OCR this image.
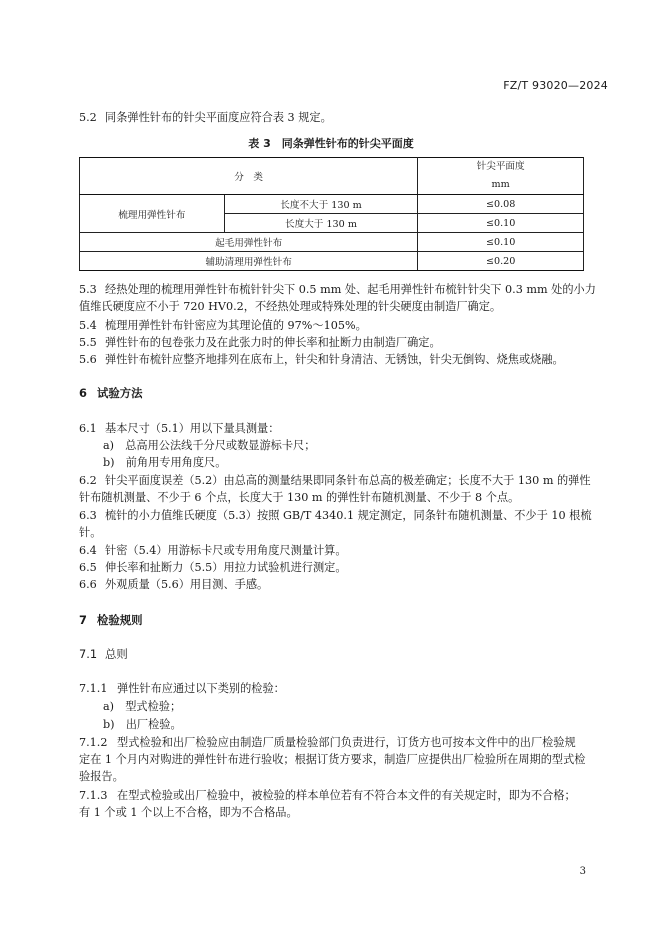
FZ/T 93020—2024
5.2 同条弹性针布的针尖平面度应符合表 3 规定。
表 3　同条弹性针布的针尖平面度
分　类		针尖平面度
mm

梳理用弹性针布	长度不大于 130 m	≤0.08
	长度大于 130 m	≤0.10
起毛用弹性针布		≤0.10
辅助清理用弹性针布		≤0.20
5.3 经热处理的梳理用弹性针布梳针针尖下 0.5 mm 处、起毛用弹性针布梳针针尖下 0.3 mm 处的小力
值维氏硬度应不小于 720 HV0.2，不经热处理或特殊处理的针尖硬度由制造厂确定。
5.4 梳理用弹性针布针密应为其理论值的 97%～105%。
5.5 弹性针布的包卷张力及在此张力时的伸长率和扯断力由制造厂确定。
5.6 弹性针布梳针应整齐地排列在底布上，针尖和针身清洁、无锈蚀，针尖无倒钩、烧焦或烧融。
6 试验方法
6.1 基本尺寸（5.1）用以下量具测量：
a)　总高用公法线千分尺或数显游标卡尺；
b)　前角用专用角度尺。
6.2 针尖平面度误差（5.2）由总高的测量结果即同条针布总高的极差确定；长度不大于 130 m 的弹性
针布随机测量、不少于 6 个点，长度大于 130 m 的弹性针布随机测量、不少于 8 个点。
6.3 梳针的小力值维氏硬度（5.3）按照 GB/T 4340.1 规定测定，同条针布随机测量、不少于 10 根梳
针。
6.4 针密（5.4）用游标卡尺或专用角度尺测量计算。
6.5 伸长率和扯断力（5.5）用拉力试验机进行测定。
6.6 外观质量（5.6）用目测、手感。
7 检验规则
7.1 总则
7.1.1 弹性针布应通过以下类别的检验：
a)　型式检验；
b)　出厂检验。
7.1.2 型式检验和出厂检验应由制造厂质量检验部门负责进行，订货方也可按本文件中的出厂检验规
定在 1 个月内对购进的弹性针布进行验收；根据订货方要求，制造厂应提供出厂检验所在周期的型式检
验报告。
7.1.3 在型式检验或出厂检验中，被检验的样本单位若有不符合本文件的有关规定时，即为不合格；
有 1 个或 1 个以上不合格，即为不合格品。
3
